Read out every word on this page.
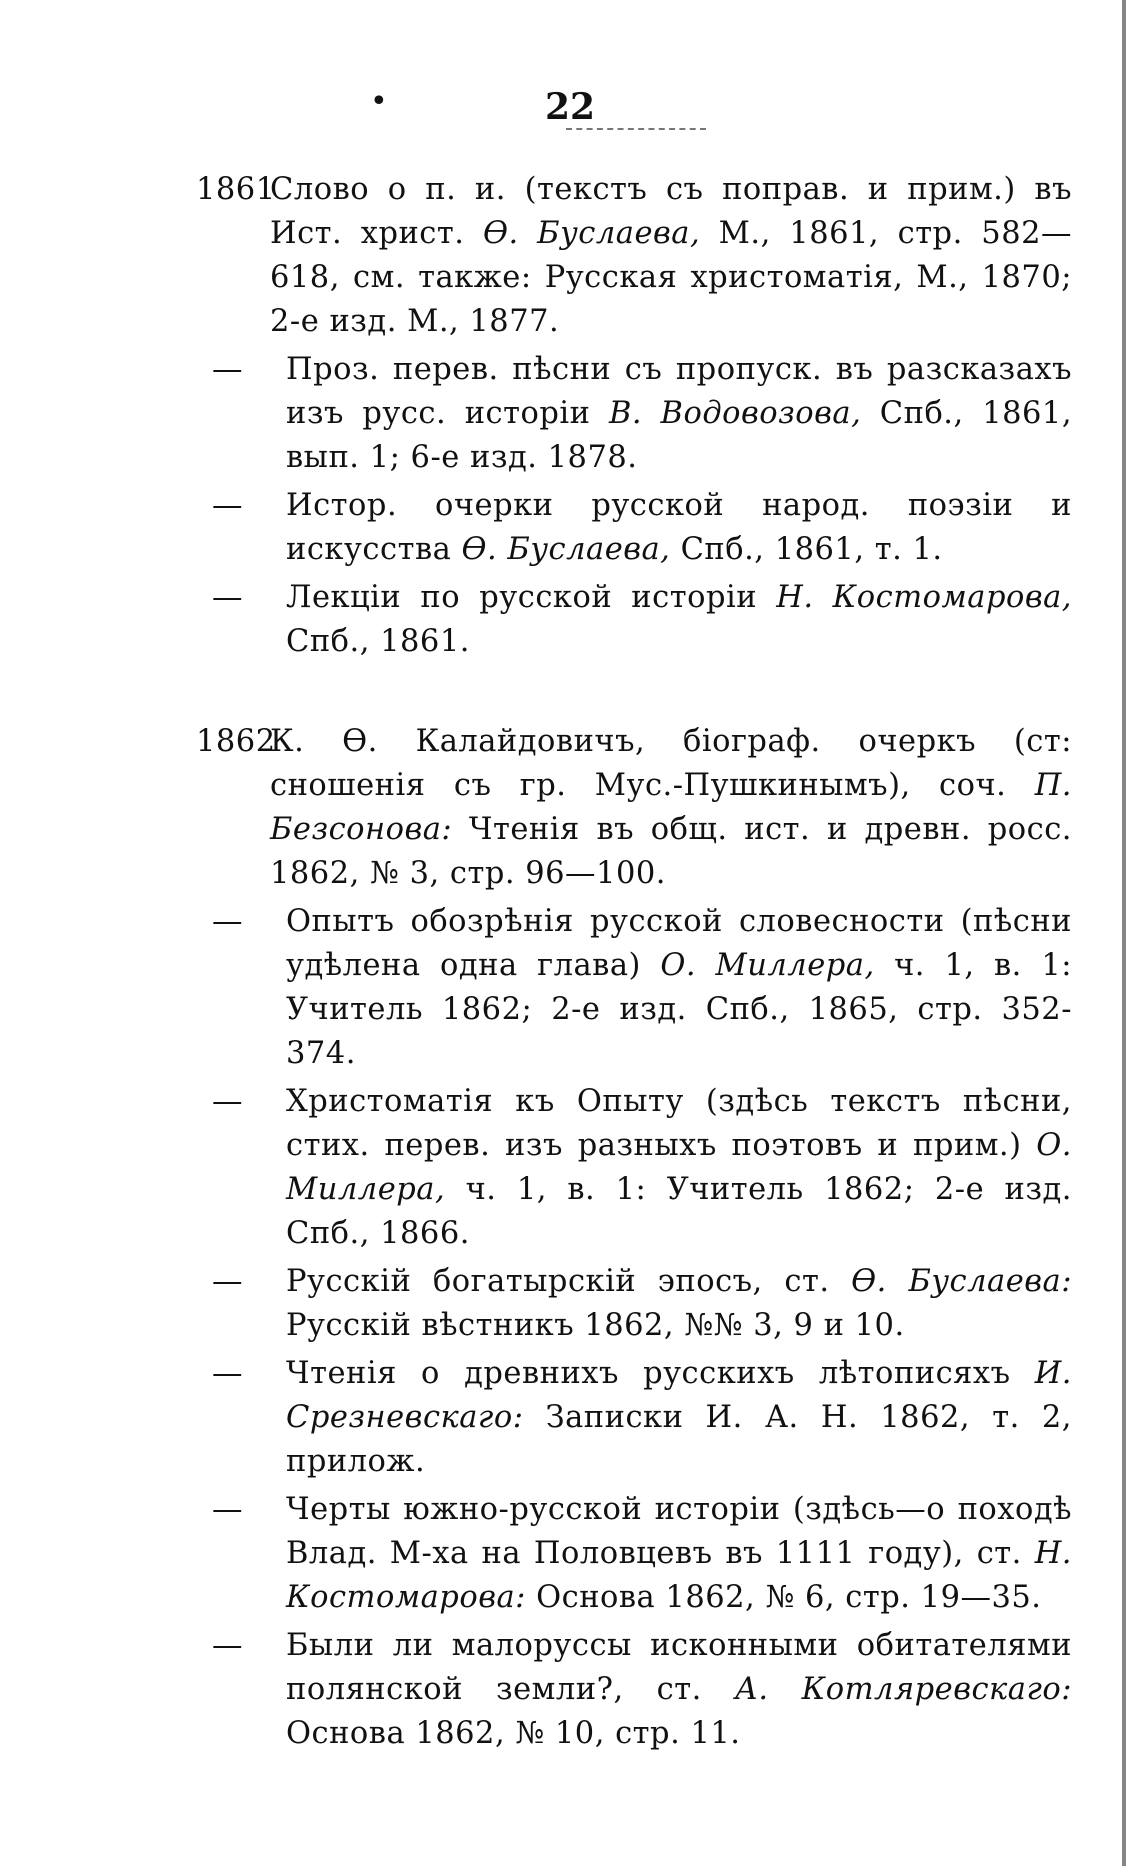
•	22
1861
Слово о п. и. (текстъ съ поправ. и прим.) въ Ист. христ. Ѳ. Буслаева, М., 1861, стр. 582—618, см. также: Русская христоматія, М., 1870; 2-е изд. М., 1877.
—	Проз. перев. пѣсни съ пропуск. въ разсказахъ изъ русс. исторіи В. Водовозова, Спб., 1861, вып. 1; 6-е изд. 1878.
—	Истор. очерки русской народ. поэзіи и искусства Ѳ. Буслаева, Спб., 1861, т. 1.
—	Лекціи по русской исторіи Н. Костомарова, Спб., 1861.
1862
К. Ѳ. Калайдовичъ, біограф. очеркъ (ст: сношенія съ гр. Мус.-Пушкинымъ), соч. П. Безсонова: Чтенія въ общ. ист. и древн. росс. 1862, № 3, стр. 96—100.
—	Опытъ обозрѣнія русской словесности (пѣсни удѣлена одна глава) О. Миллера, ч. 1, в. 1: Учитель 1862; 2-е изд. Спб., 1865, стр. 352- 374.
—	Христоматія къ Опыту (здѣсь текстъ пѣсни, стих. перев. изъ разныхъ поэтовъ и прим.) О. Миллера, ч. 1, в. 1: Учитель 1862; 2-е изд. Спб., 1866.
—	Русскій богатырскій эпосъ, ст. Ѳ. Буслаева: Русскій вѣстникъ 1862, №№ 3, 9 и 10.
—	Чтенія о древнихъ русскихъ лѣтописяхъ И. Срезневскаго: Записки И. А. Н. 1862, т. 2, прилож.
—	Черты южно-русской исторіи (здѣсь—о походѣ Влад. М-ха на Половцевъ въ 1111 году), ст. Н. Костомарова: Основа 1862, № 6, стр. 19—35.
—	Были ли малоруссы исконными обитателями полянской земли?, ст. А. Котляревскаго: Основа 1862, № 10, стр. 11.
